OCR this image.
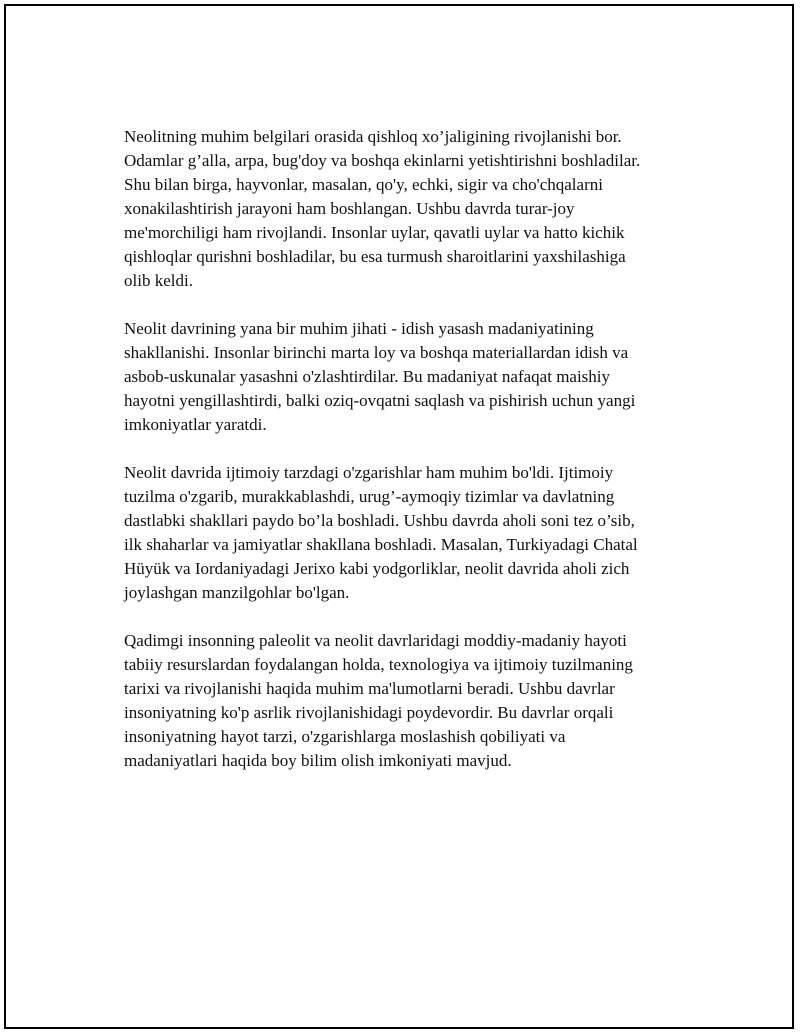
Neolitning muhim belgilari orasida qishloq xo’jaligining rivojlanishi bor.
Odamlar g’alla, arpa, bug'doy va boshqa ekinlarni yetishtirishni boshladilar.
Shu bilan birga, hayvonlar, masalan, qo'y, echki, sigir va cho'chqalarni
xonakilashtirish jarayoni ham boshlangan. Ushbu davrda turar-joy
me'morchiligi ham rivojlandi. Insonlar uylar, qavatli uylar va hatto kichik
qishloqlar qurishni boshladilar, bu esa turmush sharoitlarini yaxshilashiga
olib keldi.

Neolit davrining yana bir muhim jihati - idish yasash madaniyatining
shakllanishi. Insonlar birinchi marta loy va boshqa materiallardan idish va
asbob-uskunalar yasashni o'zlashtirdilar. Bu madaniyat nafaqat maishiy
hayotni yengillashtirdi, balki oziq-ovqatni saqlash va pishirish uchun yangi
imkoniyatlar yaratdi.

Neolit davrida ijtimoiy tarzdagi o'zgarishlar ham muhim bo'ldi. Ijtimoiy
tuzilma o'zgarib, murakkablashdi, urug’-aymoqiy tizimlar va davlatning
dastlabki shakllari paydo bo’la boshladi. Ushbu davrda aholi soni tez o’sib,
ilk shaharlar va jamiyatlar shakllana boshladi. Masalan, Turkiyadagi Chatal
Hüyük va Iordaniyadagi Jerixo kabi yodgorliklar, neolit davrida aholi zich
joylashgan manzilgohlar bo'lgan.

Qadimgi insonning paleolit va neolit davrlaridagi moddiy-madaniy hayoti
tabiiy resurslardan foydalangan holda, texnologiya va ijtimoiy tuzilmaning
tarixi va rivojlanishi haqida muhim ma'lumotlarni beradi. Ushbu davrlar
insoniyatning ko'p asrlik rivojlanishidagi poydevordir. Bu davrlar orqali
insoniyatning hayot tarzi, o'zgarishlarga moslashish qobiliyati va
madaniyatlari haqida boy bilim olish imkoniyati mavjud.
